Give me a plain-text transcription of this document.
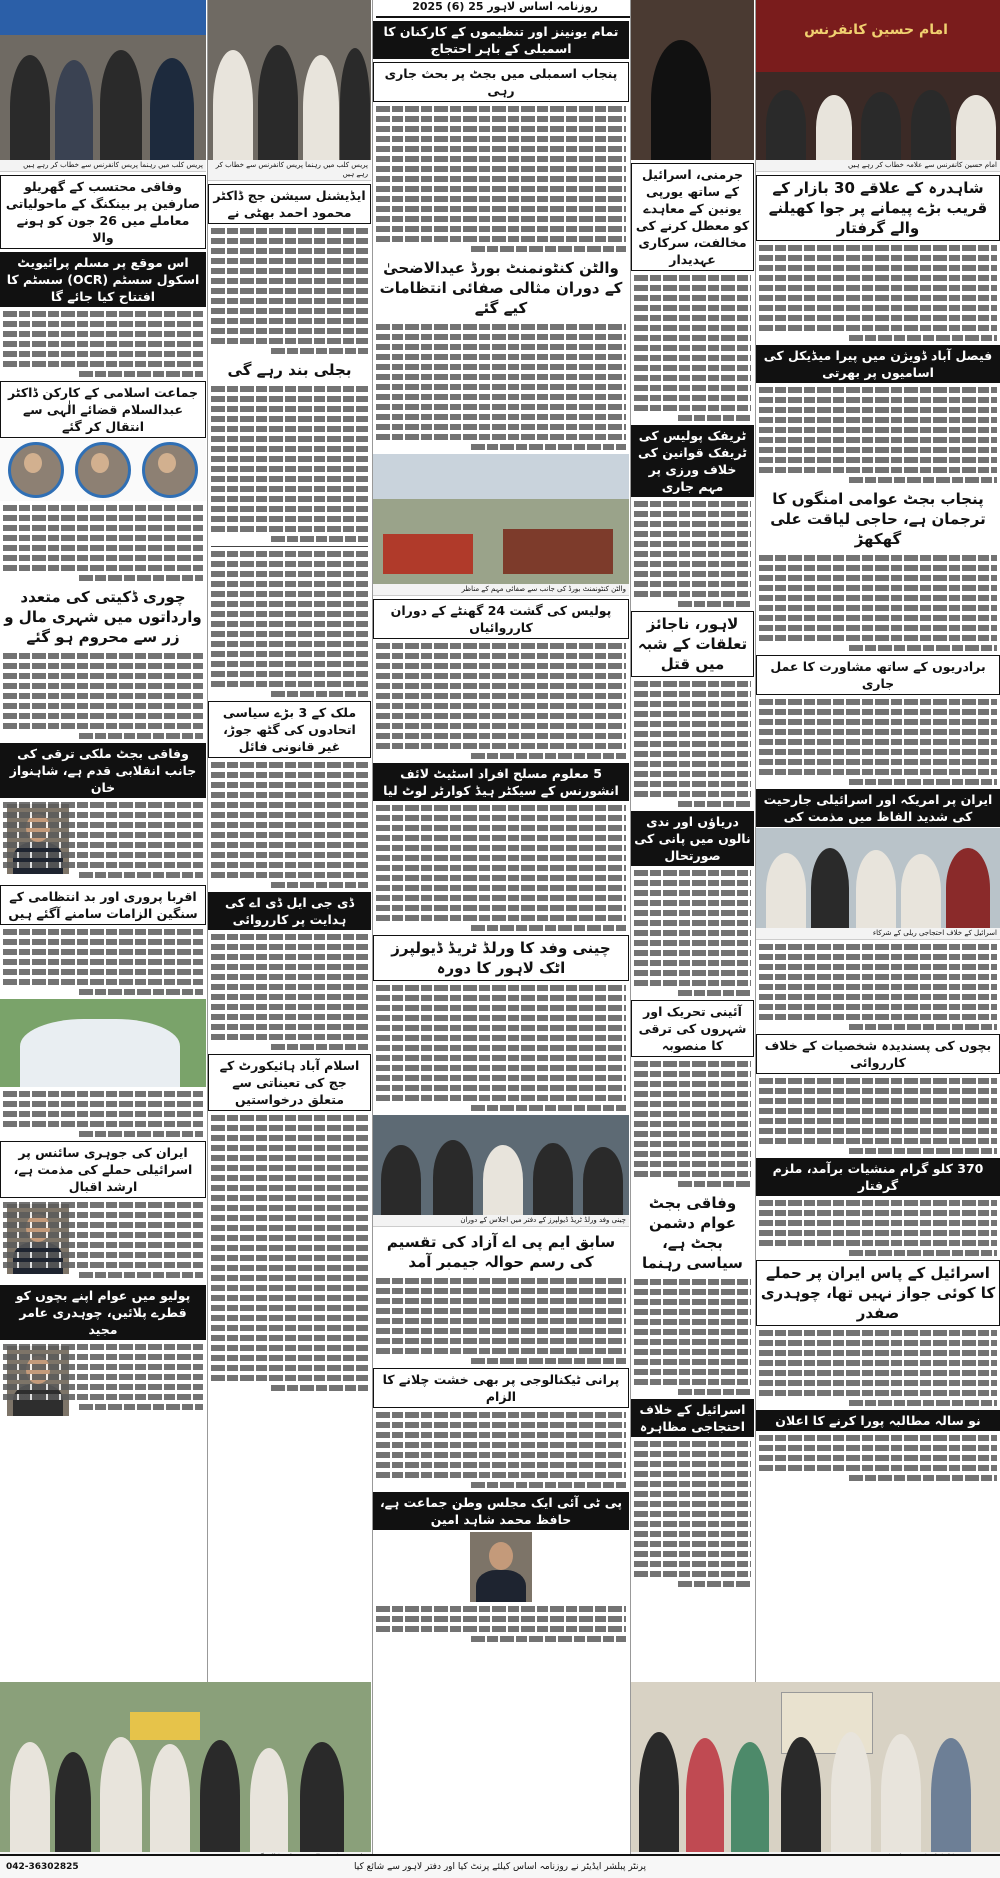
روزنامہ اساس لاہور 25 (6) 2025
پریس کلب میں رہنما پریس کانفرنس سے خطاب کر رہے ہیں
وفاقی محتسب کے گھریلو صارفین پر بینکنگ کے ماحولیاتی معاملے میں 26 جون کو ہونے والا
اس موقع پر مسلم پرائیویٹ اسکول سسٹم (OCR) سسٹم کا افتتاح کیا جائے گا
جماعت اسلامی کے کارکن ڈاکٹر عبدالسلام قضائے الٰہی سے انتقال کر گئے
چوری ڈکیتی کی متعدد وارداتوں میں شہری مال و زر سے محروم ہو گئے
وفاقی بجٹ ملکی ترقی کی جانب انقلابی قدم ہے، شاہنواز خان
اقربا پروری اور بد انتظامی کے سنگین الزامات سامنے آگئے ہیں
ایران کی جوہری سائنس پر اسرائیلی حملے کی مذمت ہے، ارشد اقبال
پولیو میں عوام اپنے بچوں کو قطرے پلائیں، چوہدری عامر مجید
پریس کلب میں رہنما پریس کانفرنس سے خطاب کر رہے ہیں
ایڈیشنل سیشن جج ڈاکٹر محمود احمد بھٹی نے
بجلی بند رہے گی
ملک کے 3 بڑے سیاسی اتحادوں کی گٹھ جوڑ، غیر قانونی فائل
ڈی جی ایل ڈی اے کی ہدایت پر کارروائی
اسلام آباد ہائیکورٹ کے جج کی تعیناتی سے متعلق درخواستیں
تمام یونینز اور تنظیموں کے کارکنان کا اسمبلی کے باہر احتجاج
پنجاب اسمبلی میں بجٹ پر بحث جاری رہی
والٹن کنٹونمنٹ بورڈ عیدالاضحیٰ کے دوران مثالی صفائی انتظامات کیے گئے
والٹن کنٹونمنٹ بورڈ کی جانب سے صفائی مہم کے مناظر
پولیس کی گشت 24 گھنٹے کے دوران کارروائیاں
5 معلوم مسلح افراد اسٹیٹ لائف انشورنس کے سیکٹر ہیڈ کوارٹر لوٹ لیا
چینی وفد کا ورلڈ ٹریڈ ڈیولپرز اٹک لاہور کا دورہ
چینی وفد ورلڈ ٹریڈ ڈیولپرز کے دفتر میں اجلاس کے دوران
سابق ایم پی اے آزاد کی تقسیم کی رسم حوالہ جیمبر آمد
پرانی ٹیکنالوجی پر بھی خشت چلانے کا الزام
پی ٹی آئی ایک مجلس وطن جماعت ہے، حافظ محمد شاہد امین
جرمنی، اسرائیل کے ساتھ یورپی یونین کے معاہدے کو معطل کرنے کی مخالفت، سرکاری عہدیدار
ٹریفک پولیس کی ٹریفک قوانین کی خلاف ورزی پر مہم جاری
لاہور، ناجائز تعلقات کے شبہ میں قتل
دریاؤں اور ندی نالوں میں پانی کی صورتحال
آئینی تحریک اور شہروں کی ترقی کا منصوبہ
وفاقی بجٹ عوام دشمن بجٹ ہے، سیاسی رہنما
اسرائیل کے خلاف احتجاجی مظاہرہ
امام حسین کانفرنس
امام حسین کانفرنس سے علامہ خطاب کر رہے ہیں
شاہدرہ کے علاقے 30 بازار کے قریب بڑے پیمانے پر جوا کھیلنے والے گرفتار
فیصل آباد ڈویژن میں پیرا میڈیکل کی اسامیوں پر بھرتی
پنجاب بجٹ عوامی امنگوں کا ترجمان ہے، حاجی لیاقت علی گھکھڑ
برادریوں کے ساتھ مشاورت کا عمل جاری
ایران پر امریکہ اور اسرائیلی جارحیت کی شدید الفاظ میں مذمت کی
اسرائیل کے خلاف احتجاجی ریلی کے شرکاء
بچوں کی پسندیدہ شخصیات کے خلاف کارروائی
370 کلو گرام منشیات برآمد، ملزم گرفتار
اسرائیل کے پاس ایران پر حملے کا کوئی جواز نہیں تھا، چوہدری صفدر
نو سالہ مطالبہ پورا کرنے کا اعلان
پرنٹر پبلشر ایڈیٹر نے روزنامہ اساس کیلئے پرنٹ کیا اور دفتر لاہور سے شائع کیا
042-36302825
